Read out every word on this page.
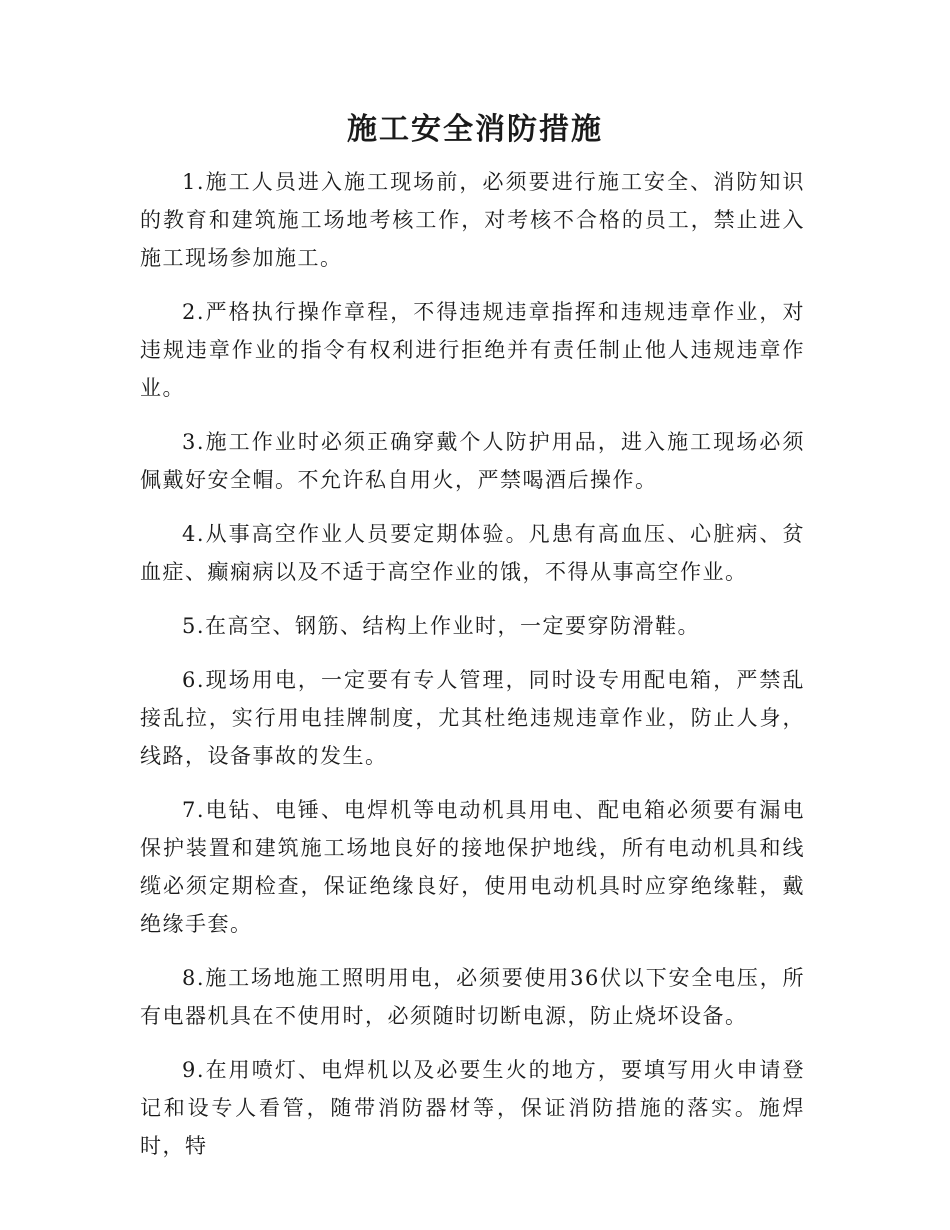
施工安全消防措施

1.施工人员进入施工现场前，必须要进行施工安全、消防知识的教育和建筑施工场地考核工作，对考核不合格的员工，禁止进入施工现场参加施工。

2.严格执行操作章程，不得违规违章指挥和违规违章作业，对违规违章作业的指令有权利进行拒绝并有责任制止他人违规违章作业。

3.施工作业时必须正确穿戴个人防护用品，进入施工现场必须佩戴好安全帽。不允许私自用火，严禁喝酒后操作。

4.从事高空作业人员要定期体验。凡患有高血压、心脏病、贫血症、癫痫病以及不适于高空作业的饿，不得从事高空作业。

5.在高空、钢筋、结构上作业时，一定要穿防滑鞋。

6.现场用电，一定要有专人管理，同时设专用配电箱，严禁乱接乱拉，实行用电挂牌制度，尤其杜绝违规违章作业，防止人身，线路，设备事故的发生。

7.电钻、电锤、电焊机等电动机具用电、配电箱必须要有漏电保护装置和建筑施工场地良好的接地保护地线，所有电动机具和线缆必须定期检查，保证绝缘良好，使用电动机具时应穿绝缘鞋，戴绝缘手套。

8.施工场地施工照明用电，必须要使用36伏以下安全电压，所有电器机具在不使用时，必须随时切断电源，防止烧坏设备。

9.在用喷灯、电焊机以及必要生火的地方，要填写用火申请登记和设专人看管，随带消防器材等，保证消防措施的落实。施焊时，特
